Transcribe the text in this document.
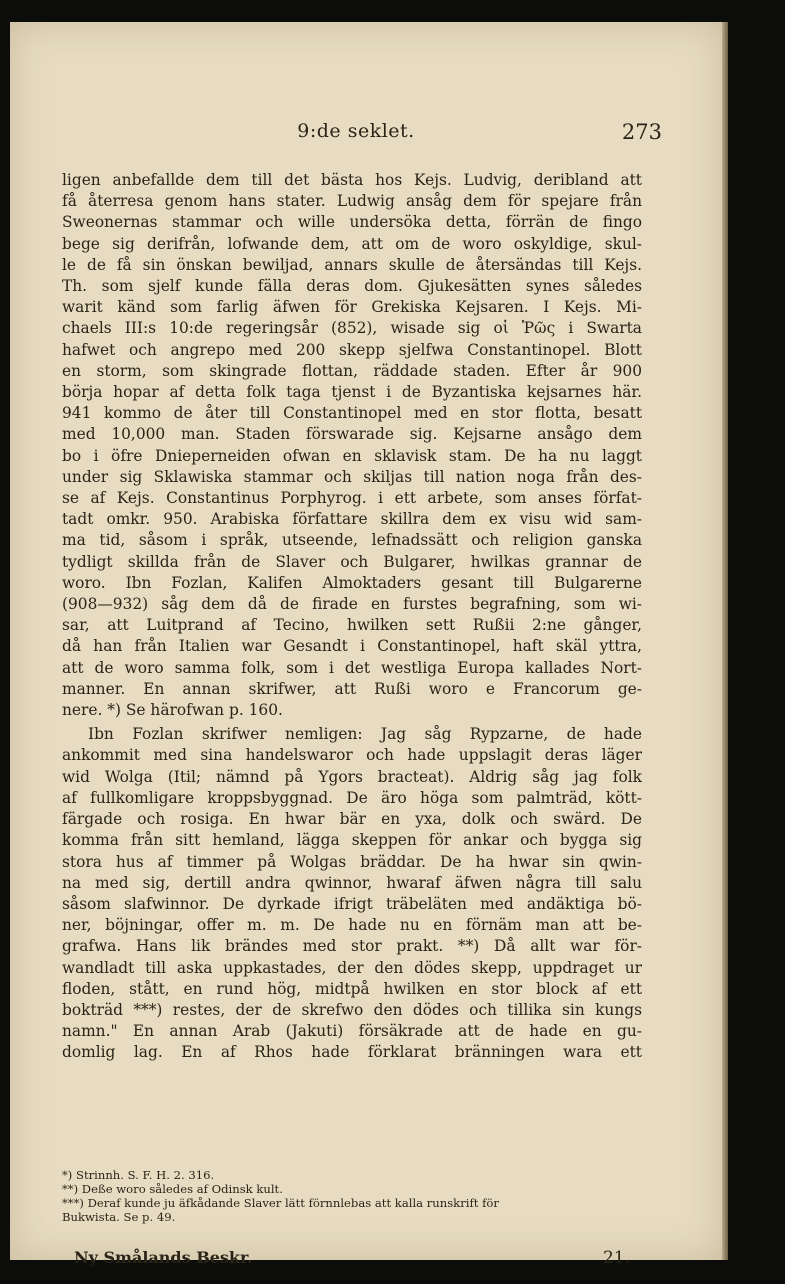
9:de seklet.	273
ligen anbefallde dem till det bästa hos Kejs. Ludvig, deribland att
få återresa genom hans stater. Ludwig ansåg dem för spejare från
Sweonernas stammar och wille undersöka detta, förrän de fingo
bege sig derifrån, lofwande dem, att om de woro oskyldige, skul-
le de få sin önskan bewiljad, annars skulle de återsändas till Kejs.
Th. som sjelf kunde fälla deras dom. Gjukesätten synes således
warit känd som farlig äfwen för Grekiska Kejsaren. I Kejs. Mi-
chaels III:s 10:de regeringsår (852), wisade sig οἱ Ῥῶς i Swarta
hafwet och angrepo med 200 skepp sjelfwa Constantinopel. Blott
en storm, som skingrade flottan, räddade staden. Efter år 900
börja hopar af detta folk taga tjenst i de Byzantiska kejsarnes här.
941 kommo de åter till Constantinopel med en stor flotta, besatt
med 10,000 man. Staden förswarade sig. Kejsarne ansågo dem
bo i öfre Dnieperneiden ofwan en sklavisk stam. De ha nu laggt
under sig Sklawiska stammar och skiljas till nation noga från des-
se af Kejs. Constantinus Porphyrog. i ett arbete, som anses förfat-
tadt omkr. 950. Arabiska författare skillra dem ex visu wid sam-
ma tid, såsom i språk, utseende, lefnadssätt och religion ganska
tydligt skillda från de Slaver och Bulgarer, hwilkas grannar de
woro. Ibn Fozlan, Kalifen Almoktaders gesant till Bulgarerne
(908—932) såg dem då de firade en furstes begrafning, som wi-
sar, att Luitprand af Tecino, hwilken sett Rußii 2:ne gånger,
då han från Italien war Gesandt i Constantinopel, haft skäl yttra,
att de woro samma folk, som i det westliga Europa kallades Nort-
manner. En annan skrifwer, att Rußi woro e Francorum ge-
nere. *) Se härofwan p. 160.
Ibn Fozlan skrifwer nemligen: Jag såg Rypzarne, de hade
ankommit med sina handelswaror och hade uppslagit deras läger
wid Wolga (Itil; nämnd på Ygors bracteat). Aldrig såg jag folk
af fullkomligare kroppsbyggnad. De äro höga som palmträd, kött-
färgade och rosiga. En hwar bär en yxa, dolk och swärd. De
komma från sitt hemland, lägga skeppen för ankar och bygga sig
stora hus af timmer på Wolgas bräddar. De ha hwar sin qwin-
na med sig, dertill andra qwinnor, hwaraf äfwen några till salu
såsom slafwinnor. De dyrkade ifrigt träbeläten med andäktiga bö-
ner, böjningar, offer m. m. De hade nu en förnäm man att be-
grafwa. Hans lik brändes med stor prakt. **) Då allt war för-
wandladt till aska uppkastades, der den dödes skepp, uppdraget ur
floden, stått, en rund hög, midtpå hwilken en stor block af ett
bokträd ***) restes, der de skrefwo den dödes och tillika sin kungs
namn." En annan Arab (Jakuti) försäkrade att de hade en gu-
domlig lag. En af Rhos hade förklarat bränningen wara ett
*) Strinnh. S. F. H. 2. 316.
**) Deße woro således af Odinsk kult.
***) Deraf kunde ju äfkådande Slaver lätt förnnlebas att kalla runskrift för
Bukwista. Se p. 49.
Ny Smålands Beskr.	21.
